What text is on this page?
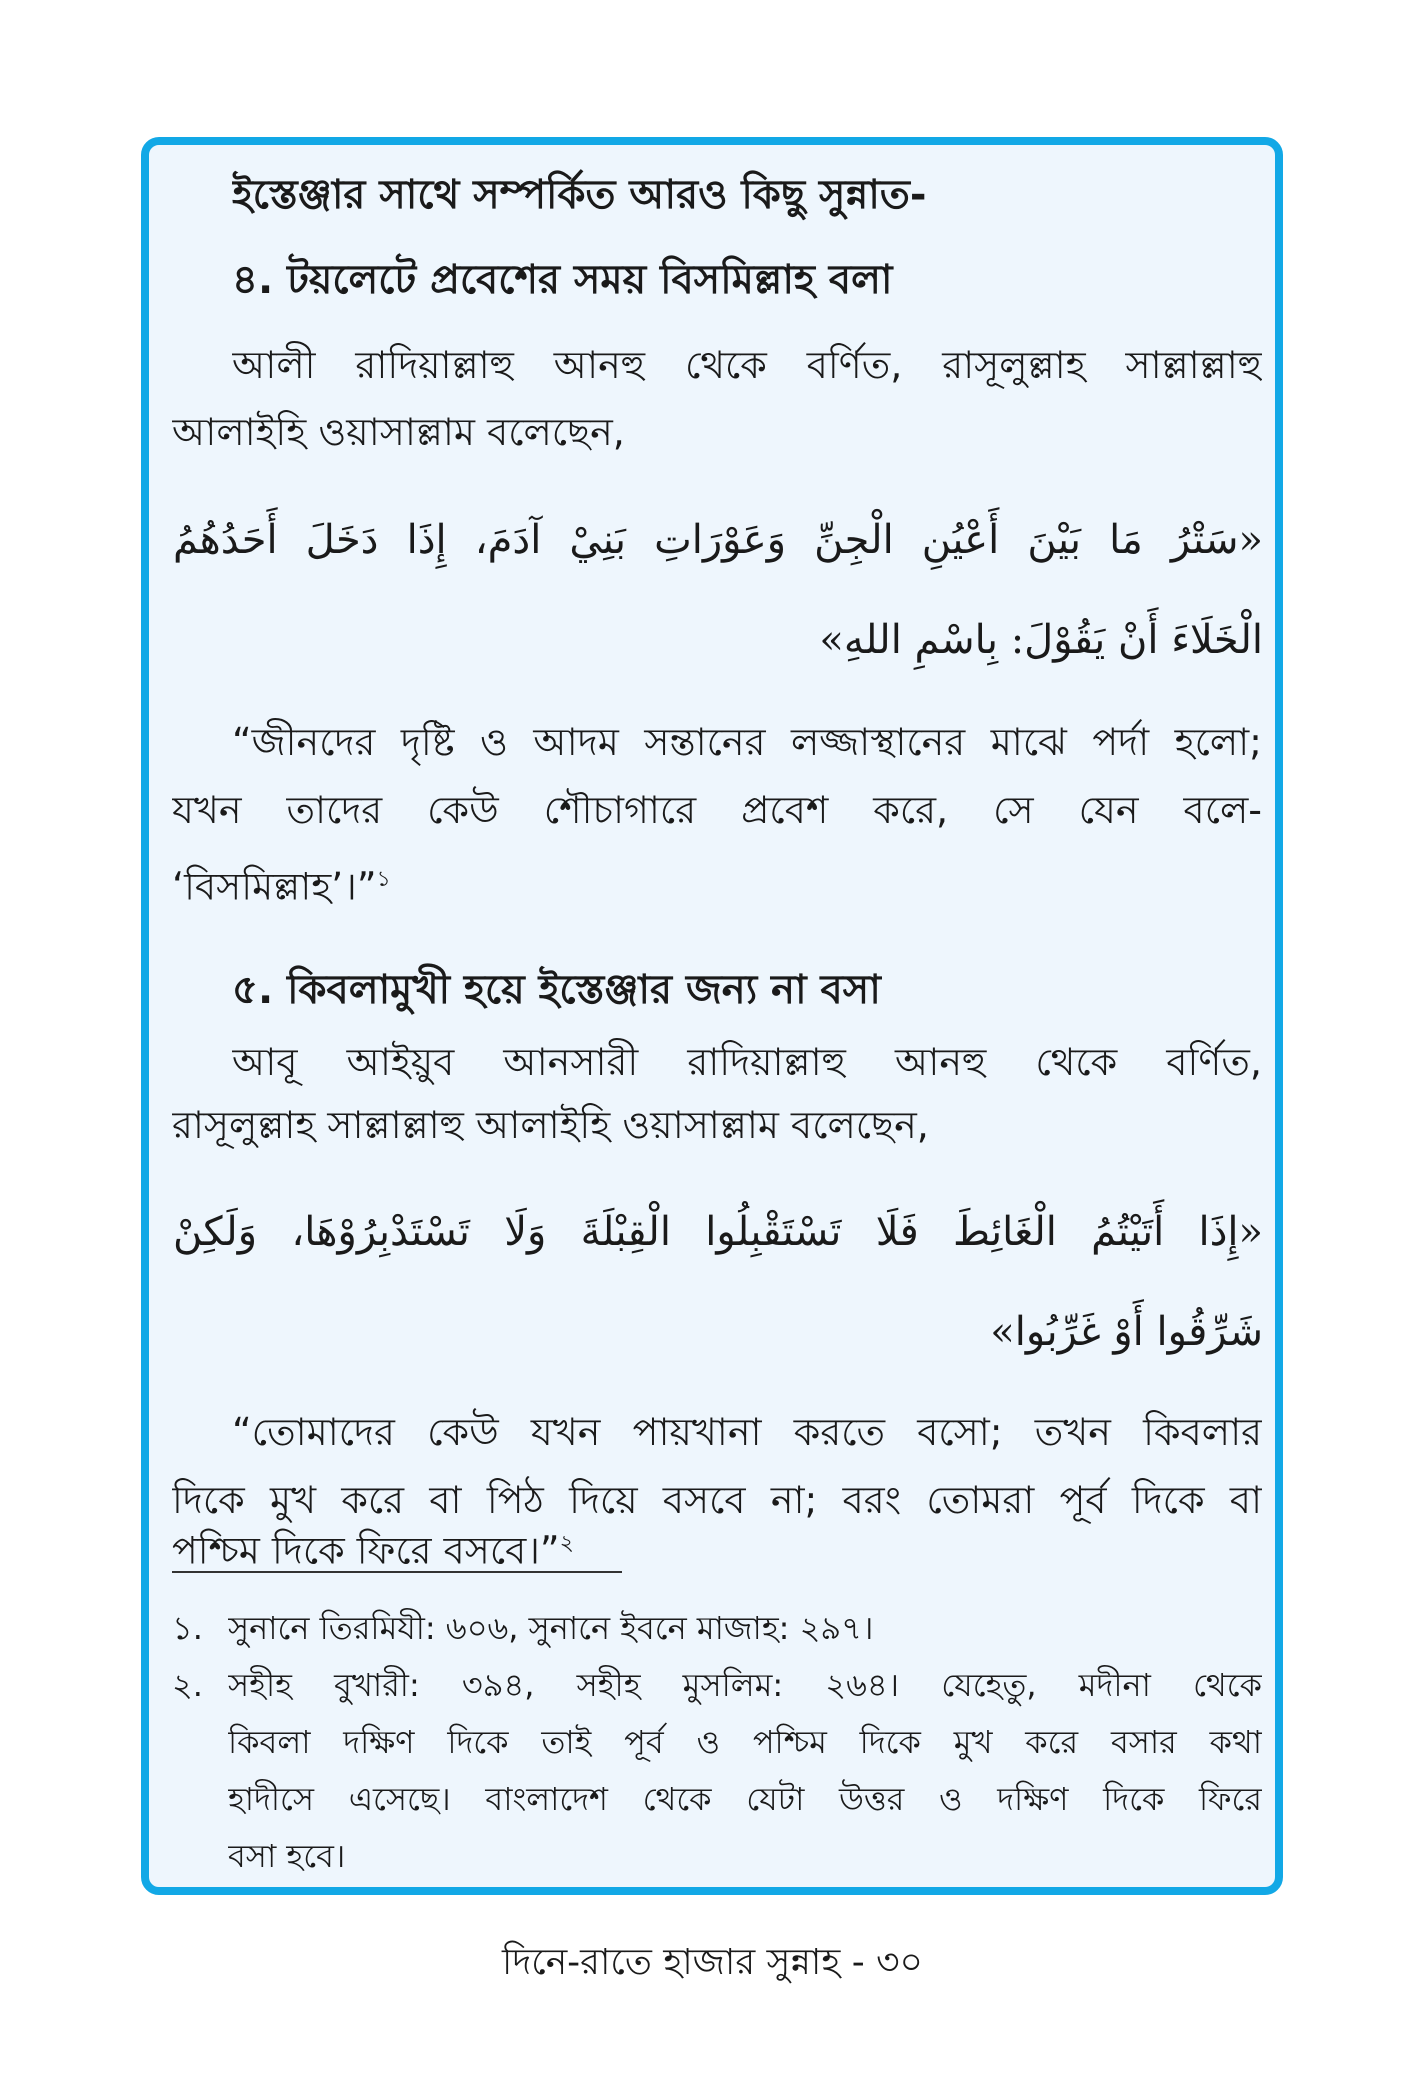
ইস্তেঞ্জার সাথে সম্পর্কিত আরও কিছু সুন্নাত-
৪. টয়লেটে প্রবেশের সময় বিসমিল্লাহ বলা
আলী রাদিয়াল্লাহু আনহু থেকে বর্ণিত, রাসূলুল্লাহ সাল্লাল্লাহু
আলাইহি ওয়াসাল্লাম বলেছেন,
«سَتْرُ مَا بَيْنَ أَعْيُنِ الْجِنِّ وَعَوْرَاتِ بَنِيْ آدَمَ، إِذَا دَخَلَ أَحَدُهُمُ
الْخَلَاءَ أَنْ يَقُوْلَ: بِاسْمِ اللهِ»
“জীনদের দৃষ্টি ও আদম সন্তানের লজ্জাস্থানের মাঝে পর্দা হলো;
যখন তাদের কেউ শৌচাগারে প্রবেশ করে, সে যেন বলে-
‘বিসমিল্লাহ’।”$^১$
৫. কিবলামুখী হয়ে ইস্তেঞ্জার জন্য না বসা
আবূ আইয়ুব আনসারী রাদিয়াল্লাহু আনহু থেকে বর্ণিত,
রাসূলুল্লাহ সাল্লাল্লাহু আলাইহি ওয়াসাল্লাম বলেছেন,
«إِذَا أَتَيْتُمُ الْغَائِطَ فَلَا تَسْتَقْبِلُوا الْقِبْلَةَ وَلَا تَسْتَدْبِرُوْهَا، وَلَكِنْ
شَرِّقُوا أَوْ غَرِّبُوا»
“তোমাদের কেউ যখন পায়খানা করতে বসো; তখন কিবলার
দিকে মুখ করে বা পিঠ দিয়ে বসবে না; বরং তোমরা পূর্ব দিকে বা
পশ্চিম দিকে ফিরে বসবে।”$^২$
১. সুনানে তিরমিযী: ৬০৬, সুনানে ইবনে মাজাহ: ২৯৭।
২. সহীহ বুখারী: ৩৯৪, সহীহ মুসলিম: ২৬৪। যেহেতু, মদীনা থেকে
কিবলা দক্ষিণ দিকে তাই পূর্ব ও পশ্চিম দিকে মুখ করে বসার কথা
হাদীসে এসেছে। বাংলাদেশ থেকে যেটা উত্তর ও দক্ষিণ দিকে ফিরে
বসা হবে।
দিনে-রাতে হাজার সুন্নাহ - ৩০
